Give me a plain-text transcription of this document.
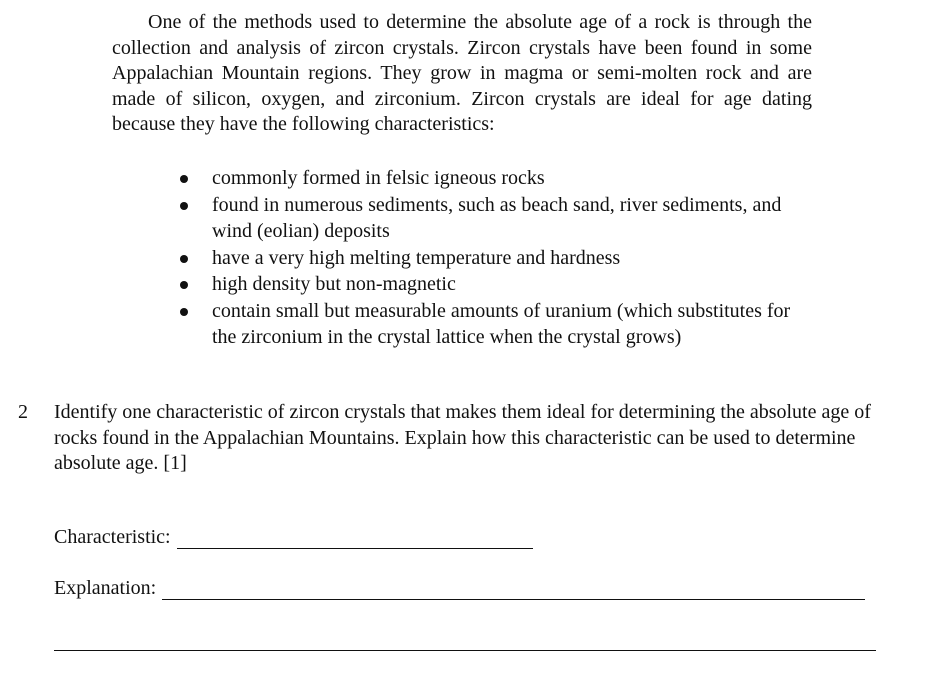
One of the methods used to determine the absolute age of a rock is through the collection and analysis of zircon crystals. Zircon crystals have been found in some Appalachian Mountain regions. They grow in magma or semi-molten rock and are made of silicon, oxygen, and zirconium. Zircon crystals are ideal for age dating because they have the following characteristics:

commonly formed in felsic igneous rocks
found in numerous sediments, such as beach sand, river sediments, and wind (eolian) deposits
have a very high melting temperature and hardness
high density but non-magnetic
contain small but measurable amounts of uranium (which substitutes for the zirconium in the crystal lattice when the crystal grows)
2 Identify one characteristic of zircon crystals that makes them ideal for determining the absolute age of rocks found in the Appalachian Mountains. Explain how this characteristic can be used to determine absolute age. [1]
Characteristic:
Explanation:
